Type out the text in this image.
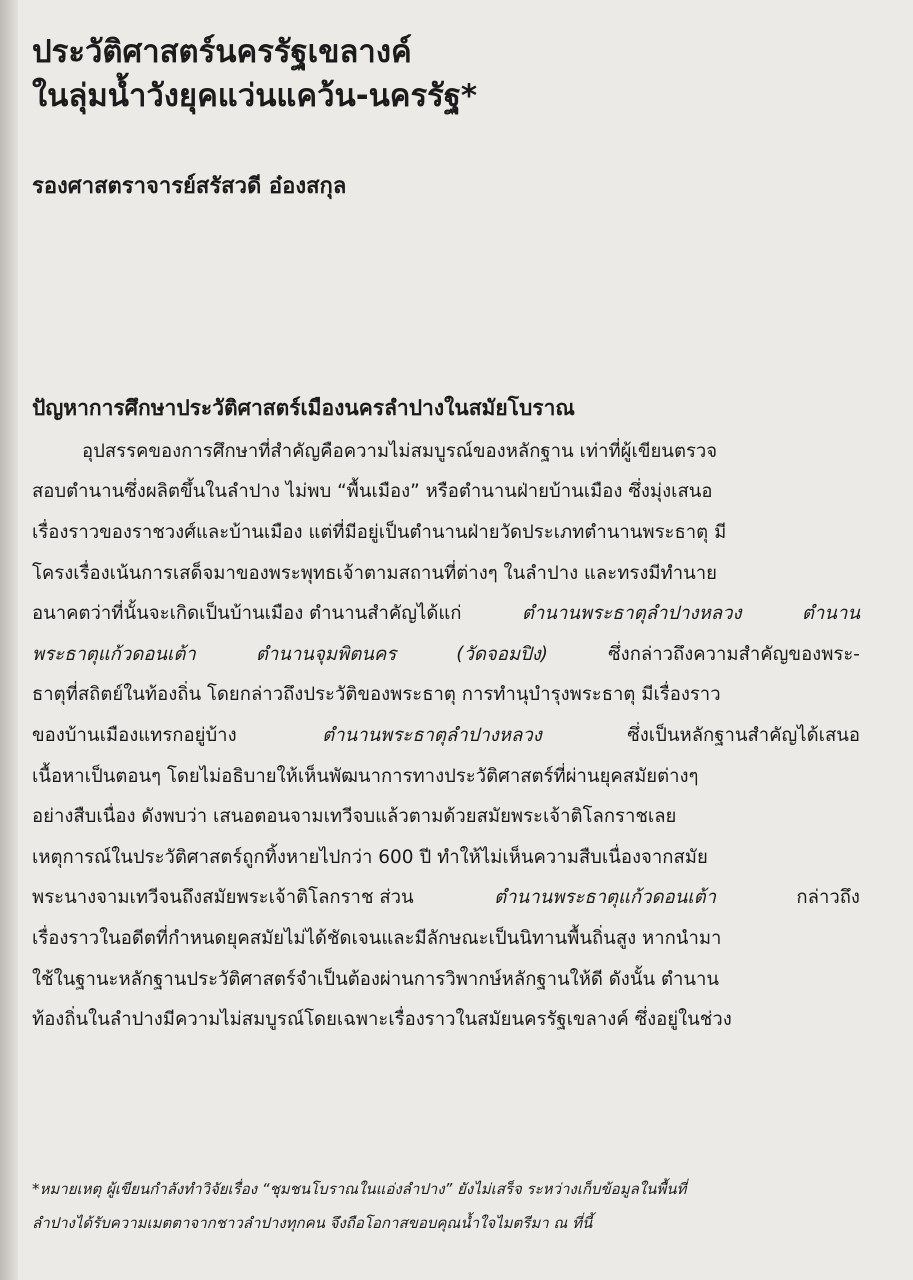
ประวัติศาสตร์นครรัฐเขลางค์
ในลุ่มน้ำวังยุคแว่นแคว้น-นครรัฐ*
รองศาสตราจารย์สรัสวดี อ๋องสกุล
ปัญหาการศึกษาประวัติศาสตร์เมืองนครลำปางในสมัยโบราณ
อุปสรรคของการศึกษาที่สำคัญคือความไม่สมบูรณ์ของหลักฐาน เท่าที่ผู้เขียนตรวจ
สอบตำนานซึ่งผลิตขึ้นในลำปาง ไม่พบ “พื้นเมือง” หรือตำนานฝ่ายบ้านเมือง ซึ่งมุ่งเสนอ
เรื่องราวของราชวงศ์และบ้านเมือง แต่ที่มีอยู่เป็นตำนานฝ่ายวัดประเภทตำนานพระธาตุ มี
โครงเรื่องเน้นการเสด็จมาของพระพุทธเจ้าตามสถานที่ต่างๆ ในลำปาง และทรงมีทำนาย
อนาคตว่าที่นั้นจะเกิดเป็นบ้านเมือง ตำนานสำคัญได้แก่	ตำนานพระธาตุลำปางหลวง	ตำนาน
พระธาตุแก้วดอนเต้า	ตำนานจุมพิตนคร	(วัดจอมปิง)	ซึ่งกล่าวถึงความสำคัญของพระ-
ธาตุที่สถิตย์ในท้องถิ่น โดยกล่าวถึงประวัติของพระธาตุ การทำนุบำรุงพระธาตุ มีเรื่องราว
ของบ้านเมืองแทรกอยู่บ้าง	ตำนานพระธาตุลำปางหลวง	ซึ่งเป็นหลักฐานสำคัญได้เสนอ
เนื้อหาเป็นตอนๆ โดยไม่อธิบายให้เห็นพัฒนาการทางประวัติศาสตร์ที่ผ่านยุคสมัยต่างๆ
อย่างสืบเนื่อง ดังพบว่า เสนอตอนจามเทวีจบแล้วตามด้วยสมัยพระเจ้าติโลกราชเลย
เหตุการณ์ในประวัติศาสตร์ถูกทิ้งหายไปกว่า 600 ปี ทำให้ไม่เห็นความสืบเนื่องจากสมัย
พระนางจามเทวีจนถึงสมัยพระเจ้าติโลกราช ส่วน	ตำนานพระธาตุแก้วดอนเต้า	กล่าวถึง
เรื่องราวในอดีตที่กำหนดยุคสมัยไม่ได้ชัดเจนและมีลักษณะเป็นนิทานพื้นถิ่นสูง หากนำมา
ใช้ในฐานะหลักฐานประวัติศาสตร์จำเป็นต้องผ่านการวิพากษ์หลักฐานให้ดี ดังนั้น ตำนาน
ท้องถิ่นในลำปางมีความไม่สมบูรณ์โดยเฉพาะเรื่องราวในสมัยนครรัฐเขลางค์ ซึ่งอยู่ในช่วง
*หมายเหตุ ผู้เขียนกำลังทำวิจัยเรื่อง “ชุมชนโบราณในแอ่งลำปาง” ยังไม่เสร็จ ระหว่างเก็บข้อมูลในพื้นที่
ลำปางได้รับความเมตตาจากชาวลำปางทุกคน จึงถือโอกาสขอบคุณน้ำใจไมตรีมา ณ ที่นี้
